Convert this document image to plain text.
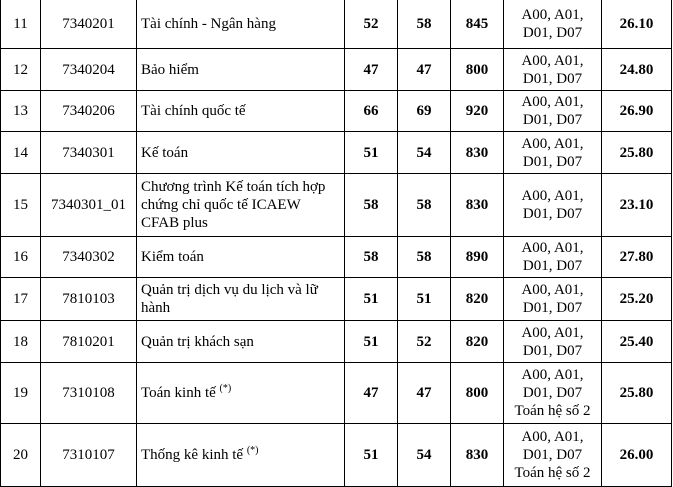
11	7340201	Tài chính - Ngân hàng	52	58	845	A00, A01,
D01, D07	26.10
12	7340204	Bảo hiểm	47	47	800	A00, A01,
D01, D07	24.80
13	7340206	Tài chính quốc tế	66	69	920	A00, A01,
D01, D07	26.90
14	7340301	Kế toán	51	54	830	A00, A01,
D01, D07	25.80
15	7340301_01	Chương trình Kế toán tích hợp chứng chỉ quốc tế ICAEW CFAB plus	58	58	830	A00, A01,
D01, D07	23.10
16	7340302	Kiểm toán	58	58	890	A00, A01,
D01, D07	27.80
17	7810103	Quản trị dịch vụ du lịch và lữ hành	51	51	820	A00, A01,
D01, D07	25.20
18	7810201	Quản trị khách sạn	51	52	820	A00, A01,
D01, D07	25.40
19	7310108	Toán kinh tế (*)	47	47	800	A00, A01,
D01, D07
Toán hệ số 2	25.80
20	7310107	Thống kê kinh tế (*)	51	54	830	A00, A01,
D01, D07
Toán hệ số 2	26.00
